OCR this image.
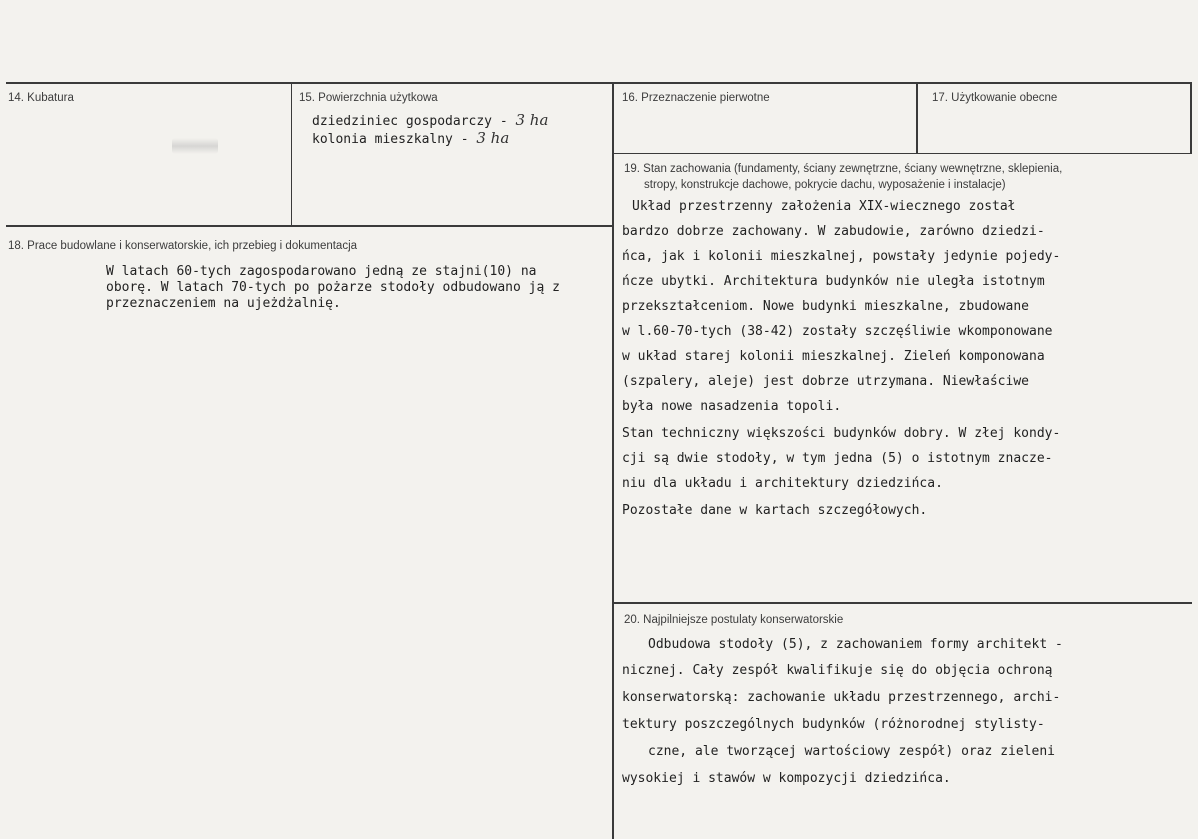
14. Kubatura	15. Powierzchnia użytkowa
dziedziniec gospodarczy - 3 ha
kolonia mieszkalny - 3 ha
16. Przeznaczenie pierwotne	17. Użytkowanie obecne
18. Prace budowlane i konserwatorskie, ich przebieg i dokumentacja
W latach 60-tych zagospodarowano jedną ze stajni(10) na
oborę. W latach 70-tych po pożarze stodoły odbudowano ją z
przeznaczeniem na ujeżdżalnię.
19. Stan zachowania (fundamenty, ściany zewnętrzne, ściany wewnętrzne, sklepienia,
stropy, konstrukcje dachowe, pokrycie dachu, wyposażenie i instalacje)
Układ przestrzenny założenia XIX-wiecznego został
bardzo dobrze zachowany. W zabudowie, zarówno dziedzi-
ńca, jak i kolonii mieszkalnej, powstały jedynie pojedy-
ńcze ubytki. Architektura budynków nie uległa istotnym
przekształceniom. Nowe budynki mieszkalne, zbudowane
w l.60-70-tych (38-42) zostały szczęśliwie wkomponowane
w układ starej kolonii mieszkalnej. Zieleń komponowana
(szpalery, aleje) jest dobrze utrzymana. Niewłaściwe
była nowe nasadzenia topoli.
Stan techniczny większości budynków dobry. W złej kondy-
cji są dwie stodoły, w tym jedna (5) o istotnym znacze-
niu dla układu i architektury dziedzińca.
Pozostałe dane w kartach szczegółowych.
20. Najpilniejsze postulaty konserwatorskie
Odbudowa stodoły (5), z zachowaniem formy architekt -
nicznej. Cały zespół kwalifikuje się do objęcia ochroną
konserwatorską: zachowanie układu przestrzennego, archi-
tektury poszczególnych budynków (różnorodnej stylisty-
czne, ale tworzącej wartościowy zespół) oraz zieleni
wysokiej i stawów w kompozycji dziedzińca.
